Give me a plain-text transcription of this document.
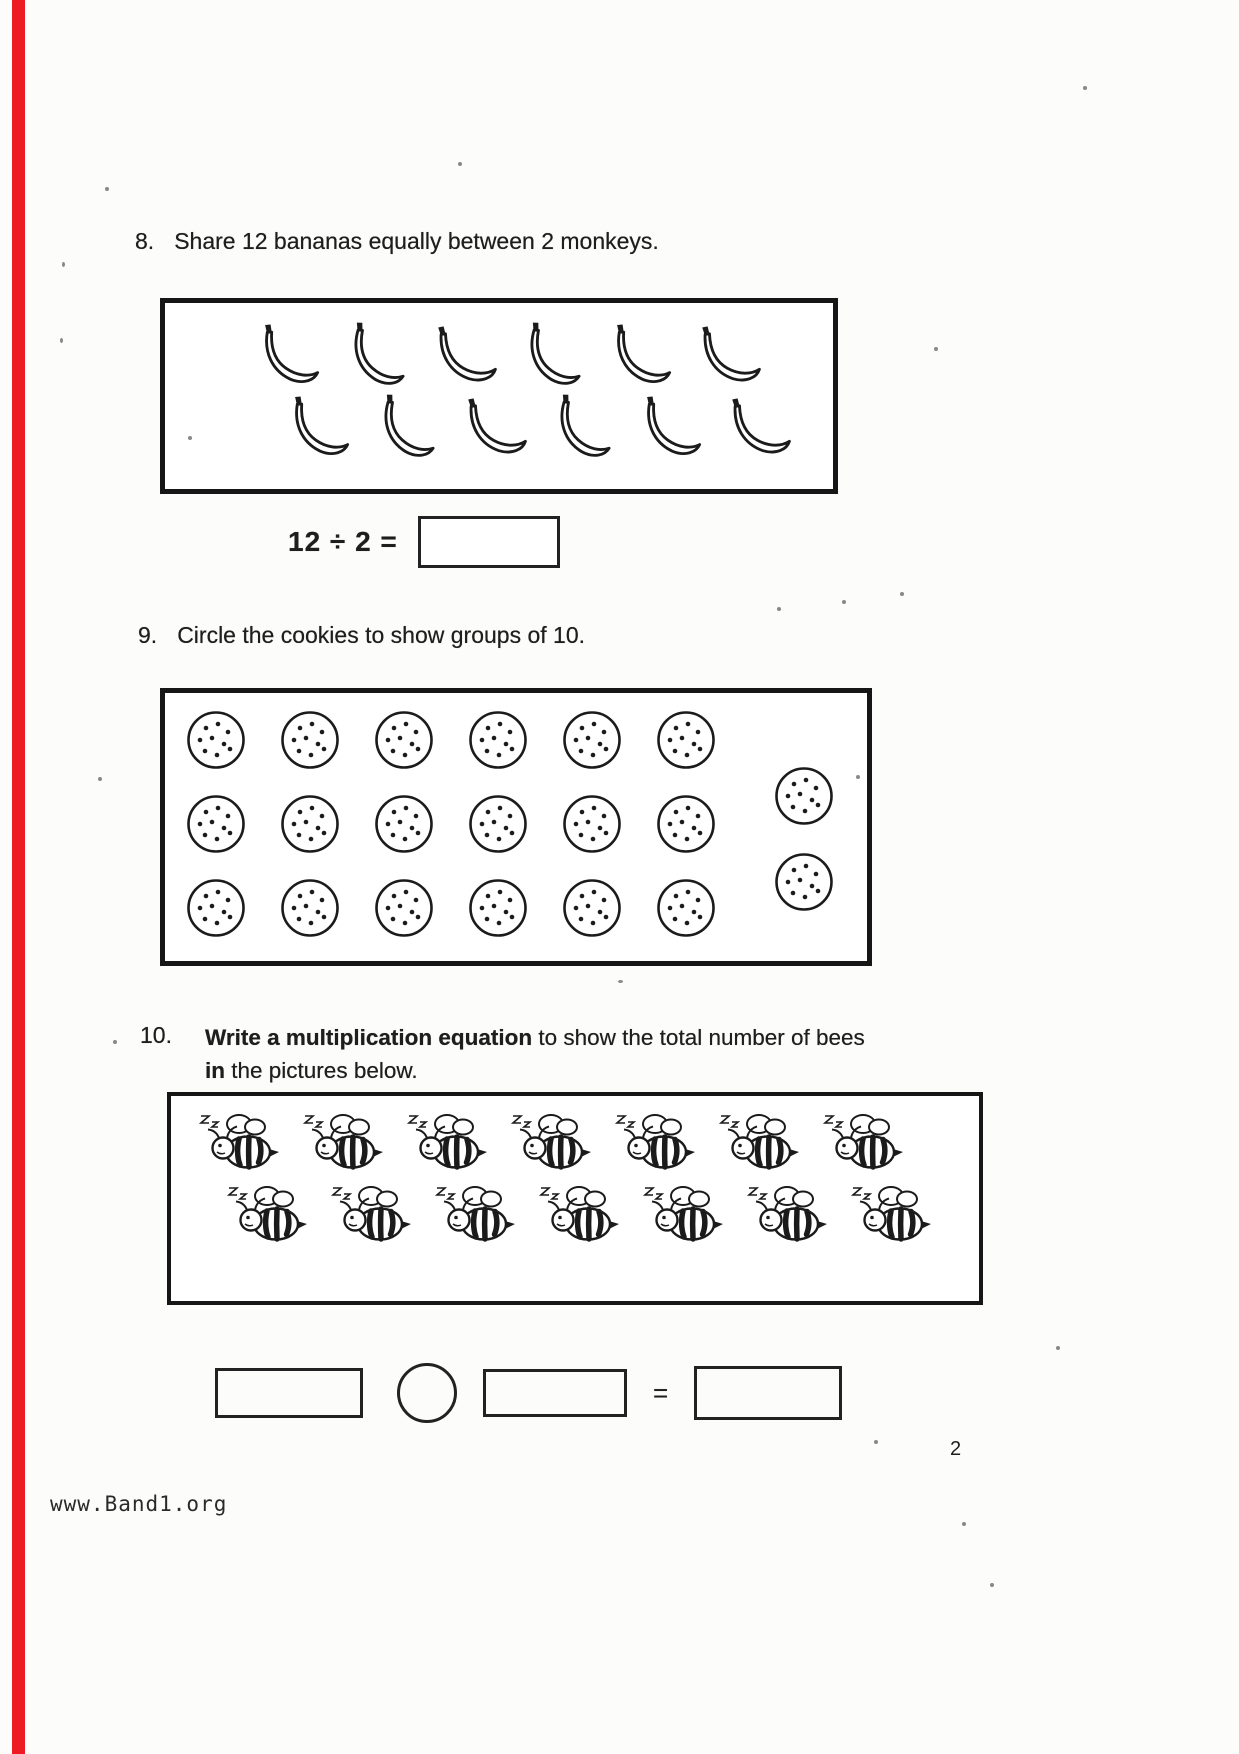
8. Share 12 bananas equally between 2 monkeys.
12 ÷ 2 =
9. Circle the cookies to show groups of 10.
10. Write a multiplication equation to show the total number of bees
in the pictures below.
=
2
www.Band1.org
